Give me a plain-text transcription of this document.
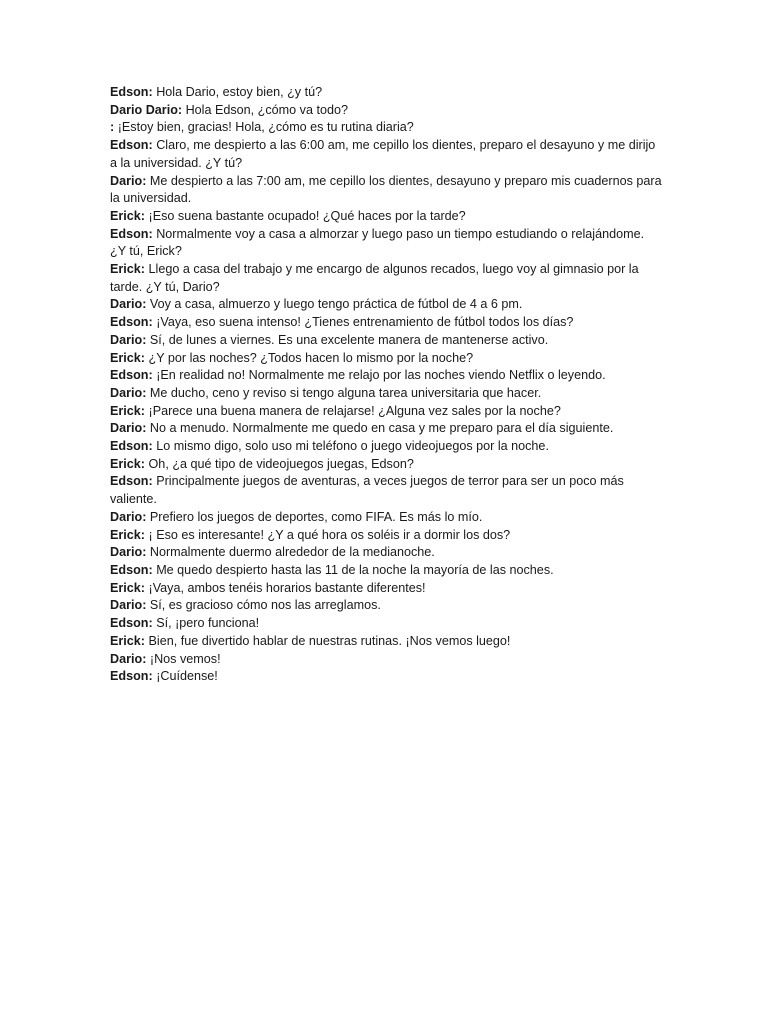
Edson: Hola Dario, estoy bien, ¿y tú?

Dario Dario: Hola Edson, ¿cómo va todo?

: ¡Estoy bien, gracias! Hola, ¿cómo es tu rutina diaria?

Edson: Claro, me despierto a las 6:00 am, me cepillo los dientes, preparo el desayuno y me dirijo a la universidad. ¿Y tú?

Dario: Me despierto a las 7:00 am, me cepillo los dientes, desayuno y preparo mis cuadernos para la universidad.

Erick: ¡Eso suena bastante ocupado! ¿Qué haces por la tarde?

Edson: Normalmente voy a casa a almorzar y luego paso un tiempo estudiando o relajándome. ¿Y tú, Erick?

Erick: Llego a casa del trabajo y me encargo de algunos recados, luego voy al gimnasio por la tarde. ¿Y tú, Dario?

Dario: Voy a casa, almuerzo y luego tengo práctica de fútbol de 4 a 6 pm.

Edson: ¡Vaya, eso suena intenso! ¿Tienes entrenamiento de fútbol todos los días?

Dario: Sí, de lunes a viernes. Es una excelente manera de mantenerse activo.

Erick: ¿Y por las noches? ¿Todos hacen lo mismo por la noche?

Edson: ¡En realidad no! Normalmente me relajo por las noches viendo Netflix o leyendo.

Dario: Me ducho, ceno y reviso si tengo alguna tarea universitaria que hacer.

Erick: ¡Parece una buena manera de relajarse! ¿Alguna vez sales por la noche?

Dario: No a menudo. Normalmente me quedo en casa y me preparo para el día siguiente.

Edson: Lo mismo digo, solo uso mi teléfono o juego videojuegos por la noche.

Erick: Oh, ¿a qué tipo de videojuegos juegas, Edson?

Edson: Principalmente juegos de aventuras, a veces juegos de terror para ser un poco más valiente.

Dario: Prefiero los juegos de deportes, como FIFA. Es más lo mío.

Erick: ¡ Eso es interesante! ¿Y a qué hora os soléis ir a dormir los dos?

Dario: Normalmente duermo alrededor de la medianoche.

Edson: Me quedo despierto hasta las 11 de la noche la mayoría de las noches.

Erick: ¡Vaya, ambos tenéis horarios bastante diferentes!

Dario: Sí, es gracioso cómo nos las arreglamos.

Edson: Sí, ¡pero funciona!

Erick: Bien, fue divertido hablar de nuestras rutinas. ¡Nos vemos luego!

Dario: ¡Nos vemos!

Edson: ¡Cuídense!
